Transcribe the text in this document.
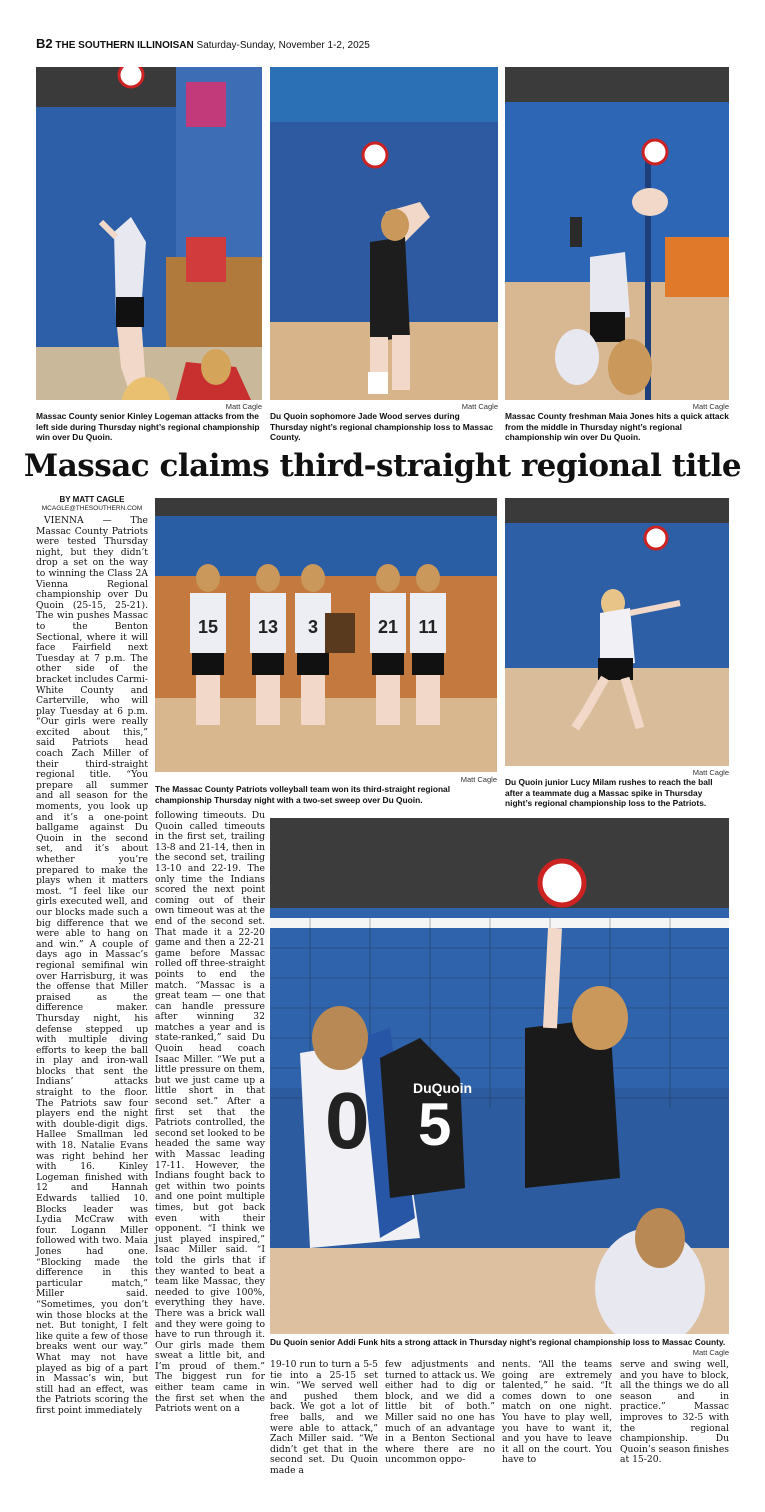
B2 THE SOUTHERN ILLINOISAN Saturday-Sunday, November 1-2, 2025
Matt Cagle
Massac County senior Kinley Logeman attacks from the left side during Thursday night’s regional championship win over Du Quoin.
Matt Cagle
Du Quoin sophomore Jade Wood serves during Thursday night’s regional championship loss to Massac County.
Matt Cagle
Massac County freshman Maia Jones hits a quick attack from the middle in Thursday night’s regional championship win over Du Quoin.
Massac claims third-straight regional title
BY MATT CAGLE
MCAGLE@THESOUTHERN.COM
15 13 3	21 11
Matt Cagle
The Massac County Patriots volleyball team won its third-straight regional championship Thursday night with a two-set sweep over Du Quoin.
Matt Cagle
Du Quoin junior Lucy Milam rushes to reach the ball after a teammate dug a Massac spike in Thursday night’s regional championship loss to the Patriots.
0 5
DuQuoin
Du Quoin senior Addi Funk hits a strong attack in Thursday night’s regional championship loss to Massac County.
Matt Cagle

VIENNA — The Massac County Patriots were tested Thursday night, but they didn’t drop a set on the way to winning the Class 2A Vienna Regional championship over Du Quoin (25-15, 25-21). The win pushes Massac to the Benton Sectional, where it will face Fairfield next Tuesday at 7 p.m. The other side of the bracket includes Carmi-White County and Carterville, who will play Tuesday at 6 p.m. “Our girls were really excited about this,” said Patriots head coach Zach Miller of their third-straight regional title. “You prepare all summer and all season for the moments, you look up and it’s a one-point ballgame against Du Quoin in the second set, and it’s about whether you’re prepared to make the plays when it matters most. “I feel like our girls executed well, and our blocks made such a big difference that we were able to hang on and win.” A couple of days ago in Massac’s regional semifinal win over Harrisburg, it was the offense that Miller praised as the difference maker. Thursday night, his defense stepped up with multiple diving efforts to keep the ball in play and iron-wall blocks that sent the Indians’ attacks straight to the floor. The Patriots saw four players end the night with double-digit digs. Hallee Smallman led with 18. Natalie Evans was right behind her with 16. Kinley Logeman finished with 12 and Hannah Edwards tallied 10. Blocks leader was Lydia McCraw with four. Logann Miller followed with two. Maia Jones had one. “Blocking made the difference in this particular match,” Miller said. “Sometimes, you don’t win those blocks at the net. But tonight, I felt like quite a few of those breaks went our way.” What may not have played as big of a part in Massac’s win, but still had an effect, was the Patriots scoring the first point immediately

following timeouts. Du Quoin called timeouts in the first set, trailing 13-8 and 21-14, then in the second set, trailing 13-10 and 22-19. The only time the Indians scored the next point coming out of their own timeout was at the end of the second set. That made it a 22-20 game and then a 22-21 game before Massac rolled off three-straight points to end the match. “Massac is a great team — one that can handle pressure after winning 32 matches a year and is state-ranked,” said Du Quoin head coach Isaac Miller. “We put a little pressure on them, but we just came up a little short in that second set.” After a first set that the Patriots controlled, the second set looked to be headed the same way with Massac leading 17-11. However, the Indians fought back to get within two points and one point multiple times, but got back even with their opponent. “I think we just played inspired,” Isaac Miller said. “I told the girls that if they wanted to beat a team like Massac, they needed to give 100%, everything they have. There was a brick wall and they were going to have to run through it. Our girls made them sweat a little bit, and I’m proud of them.” The biggest run for either team came in the first set when the Patriots went on a

19-10 run to turn a 5-5 tie into a 25-15 set win. “We served well and pushed them back. We got a lot of free balls, and we were able to attack,” Zach Miller said. “We didn’t get that in the second set. Du Quoin made a

few adjustments and turned to attack us. We either had to dig or block, and we did a little bit of both.” Miller said no one has much of an advantage in a Benton Sectional where there are no uncommon oppo-

nents. “All the teams going are extremely talented,” he said. “It comes down to one match on one night. You have to play well, you have to want it, and you have to leave it all on the court. You have to

serve and swing well, and you have to block, all the things we do all season and in practice.” Massac improves to 32-5 with the regional championship. Du Quoin’s season finishes at 15-20.
